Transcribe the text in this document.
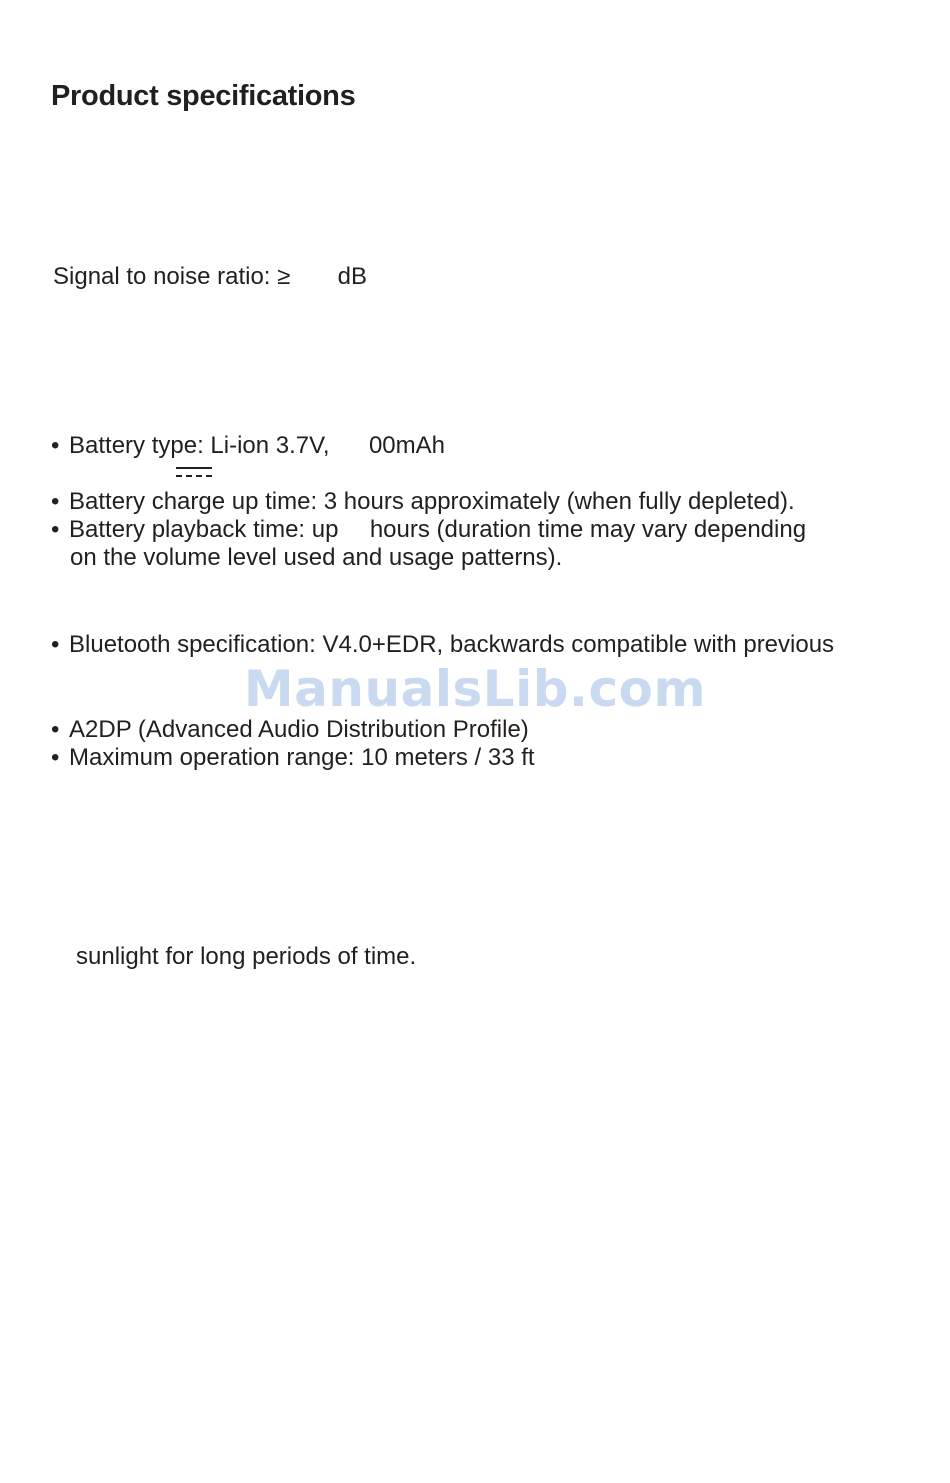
Product specifications
Signal to noise ratio: ≥ dB
• Battery type: Li-ion 3.7V, 00mAh
• Battery charge up time: 3 hours approximately (when fully depleted).
• Battery playback time: up hours (duration time may vary depending
on the volume level used and usage patterns).
• Bluetooth specification: V4.0+EDR, backwards compatible with previous
ManualsLib.com
• A2DP (Advanced Audio Distribution Profile)
• Maximum operation range: 10 meters / 33 ft
sunlight for long periods of time.
